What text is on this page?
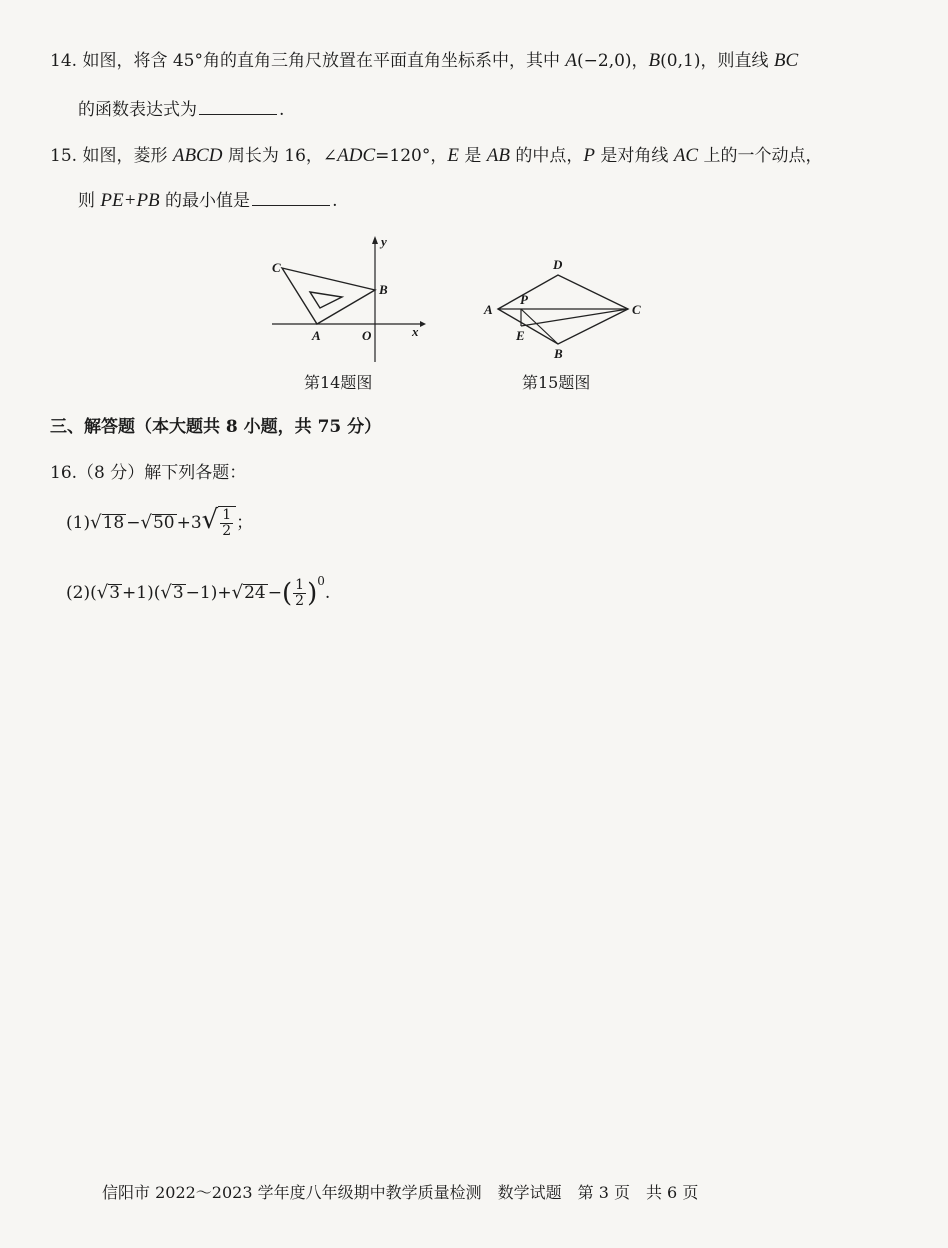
14. 如图，将含 45°角的直角三角尺放置在平面直角坐标系中，其中 A(−2,0)，B(0,1)，则直线 BC
的函数表达式为	.
15. 如图，菱形 ABCD 周长为 16，∠ADC=120°，E 是 AB 的中点，P 是对角线 AC 上的一个动点，
则 PE+PB 的最小值是	.
C
B
A	O	x
y
第14题图
D
A
P
C
E
B
第15题图
三、解答题（本大题共 8 小题，共 75 分）
16.（8 分）解下列各题：
$(1)√18 -√50 +3√ \frac{1}{2}$ ；
(2)(√3 +1)(√3 −1)+√24 −( $\frac{1}{2} )^0$.
信阳市 2022～2023 学年度八年级期中教学质量检测　数学试题　第 3 页　共 6 页
